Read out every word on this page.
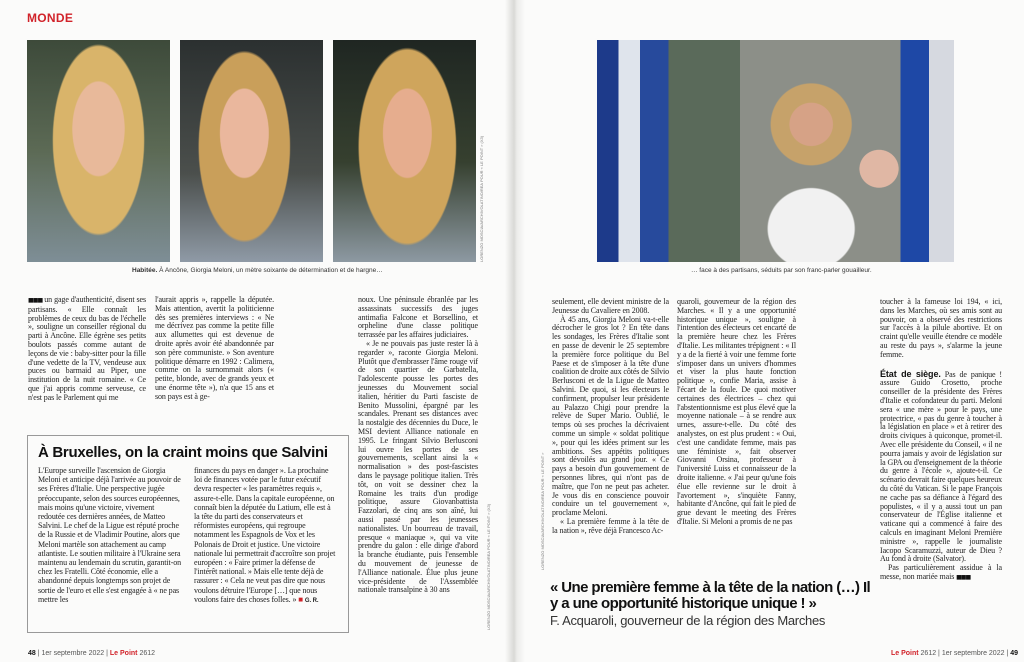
MONDE
LORENZO MOSCIA/ARCHIVOLATINO/REA POUR « LE POINT » (X3)
Habitée. À Ancône, Giorgia Meloni, un mètre soixante de détermination et de hargne…

■■■ un gage d'authenticité, disent ses partisans. « Elle connaît les problèmes de ceux du bas de l'échelle », souligne un conseiller régional du parti à Ancône. Elle égrène ses petits boulots passés comme autant de leçons de vie : baby-sitter pour la fille d'une vedette de la TV, vendeuse aux puces ou barmaid au Piper, une institution de la nuit romaine. « Ce que j'ai appris comme serveuse, ce n'est pas le Parlement qui me

l'aurait appris », rappelle la députée. Mais attention, avertit la politicienne dès ses premières interviews : « Ne me décrivez pas comme la petite fille aux allumettes qui est devenue de droite après avoir été abandonnée par son père communiste. » Son aventure politique démarre en 1992 : Calimera, comme on la surnommait alors (« petite, blonde, avec de grands yeux et une énorme tête »), n'a que 15 ans et son pays est à ge-

noux. Une péninsule ébranlée par les assassinats successifs des juges antimafia Falcone et Borsellino, et orpheline d'une classe politique terrassée par les affaires judiciaires.

« Je ne pouvais pas juste rester là à regarder », raconte Giorgia Meloni. Plutôt que d'embrasser l'âme rouge vif de son quartier de Garbatella, l'adolescente pousse les portes des jeunesses du Mouvement social italien, héritier du Parti fasciste de Benito Mussolini, épargné par les scandales. Prenant ses distances avec la nostalgie des décennies du Duce, le MSI devient Alliance nationale en 1995. Le fringant Silvio Berlusconi lui ouvre les portes de ses gouvernements, scellant ainsi la « normalisation » des post-fascistes dans le paysage politique italien. Très tôt, on voit se dessiner chez la Romaine les traits d'un prodige politique, assure Giovanbattista Fazzolari, de cinq ans son aîné, lui aussi passé par les jeunesses nationalistes. Un bourreau de travail, presque « maniaque », qui va vite prendre du galon : elle dirige d'abord la branche étudiante, puis l'ensemble du mouvement de jeunesse de l'Alliance nationale. Élue plus jeune vice-présidente de l'Assemblée nationale transalpine à 30 ans	LORENZO MOSCIA/ARCHIVOLATINO/REA POUR « LE POINT » (X3)
À Bruxelles, on la craint moins que Salvini
L'Europe surveille l'ascension de Giorgia Meloni et anticipe déjà l'arrivée au pouvoir de ses Frères d'Italie. Une perspective jugée préoccupante, selon des sources européennes, mais moins qu'une victoire, vivement redoutée ces dernières années, de Matteo Salvini. Le chef de la Ligue est réputé proche de la Russie et de Vladimir Poutine, alors que Meloni martèle son attachement au camp atlantiste. Le soutien militaire à l'Ukraine sera maintenu au lendemain du scrutin, garantit-on chez les Fratelli. Côté économie, elle a abandonné depuis longtemps son projet de sortie de l'euro et elle s'est engagée à « ne pas mettre les
finances du pays en danger ». La prochaine loi de finances votée par le futur exécutif devra respecter « les paramètres requis », assure-t-elle. Dans la capitale européenne, on connaît bien la députée du Latium, elle est à la tête du parti des conservateurs et réformistes européens, qui regroupe notamment les Espagnols de Vox et les Polonais de Droit et justice. Une victoire nationale lui permettrait d'accroître son projet européen : « Faire primer la défense de l'intérêt national. » Mais elle tente déjà de rassurer : « Cela ne veut pas dire que nous voulons détruire l'Europe […] que nous voulons faire des choses folles. » ■ G. R.
48 | 1er septembre 2022 | Le Point 2612
… face à des partisans, séduits par son franc-parler gouailleur.
LORENZO MOSCIA/ARCHIVOLATINO/REA POUR « LE POINT »

seulement, elle devient ministre de la Jeunesse du Cavaliere en 2008.

À 45 ans, Giorgia Meloni va-t-elle décrocher le gros lot ? En tête dans les sondages, les Frères d'Italie sont en passe de devenir le 25 septembre la première force politique du Bel Paese et de s'imposer à la tête d'une coalition de droite aux côtés de Silvio Berlusconi et de la Ligue de Matteo Salvini. De quoi, si les électeurs le confirment, propulser leur présidente au Palazzo Chigi pour prendre la relève de Super Mario. Oublié, le temps où ses proches la décrivaient comme un simple « soldat politique », pour qui les idées priment sur les ambitions. Ses appétits politiques sont dévoilés au grand jour. « Ce pays a besoin d'un gouvernement de personnes libres, qui n'ont pas de maître, que l'on ne peut pas acheter. Je vous dis en conscience pouvoir conduire un tel gouvernement », proclame Meloni.

« La première femme à la tête de la nation », rêve déjà Francesco Ac-

quaroli, gouverneur de la région des Marches. « Il y a une opportunité historique unique », souligne à l'intention des électeurs cet encarté de la première heure chez les Frères d'Italie. Les militantes trépignent : « Il y a de la fierté à voir une femme forte s'imposer dans un univers d'hommes et viser la plus haute fonction politique », confie Maria, assise à l'écart de la foule. De quoi motiver certaines des électrices – chez qui l'abstentionnisme est plus élevé que la moyenne nationale – à se rendre aux urnes, assure-t-elle. Du côté des analystes, on est plus prudent : « Oui, c'est une candidate femme, mais pas une féministe », fait observer Giovanni Orsina, professeur à l'université Luiss et connaisseur de la droite italienne. « J'ai peur qu'une fois élue elle revienne sur le droit à l'avortement », s'inquiète Fanny, habitante d'Ancône, qui fait le pied de grue devant le meeting des Frères d'Italie. Si Meloni a promis de ne pas

toucher à la fameuse loi 194, « ici, dans les Marches, où ses amis sont au pouvoir, on a observé des restrictions sur l'accès à la pilule abortive. Et on craint qu'elle veuille étendre ce modèle au reste du pays », s'alarme la jeune femme.

État de siège. Pas de panique ! assure Guido Crosetto, proche conseiller de la présidente des Frères d'Italie et cofondateur du parti. Meloni sera « une mère » pour le pays, une protectrice, « pas du genre à toucher à la législation en place » et à retirer des droits civiques à quiconque, promet-il. Avec elle présidente du Conseil, « il ne pourra jamais y avoir de législation sur la GPA ou d'enseignement de la théorie du genre à l'école », ajoute-t-il. Ce scénario devrait faire quelques heureux du côté du Vatican. Si le pape François ne cache pas sa défiance à l'égard des populistes, « il y a aussi tout un pan conservateur de l'Église italienne et vaticane qui a commencé à faire des calculs en imaginant Meloni Première ministre », rappelle le journaliste Iacopo Scaramuzzi, auteur de Dieu ? Au fond à droite (Salvator).

Pas particulièrement assidue à la messe, non mariée mais ■■■

« Une première femme à la tête de la nation (…) Il y a une opportunité historique unique ! »
F. Acquaroli, gouverneur de la région des Marches
Le Point 2612 | 1er septembre 2022 | 49
